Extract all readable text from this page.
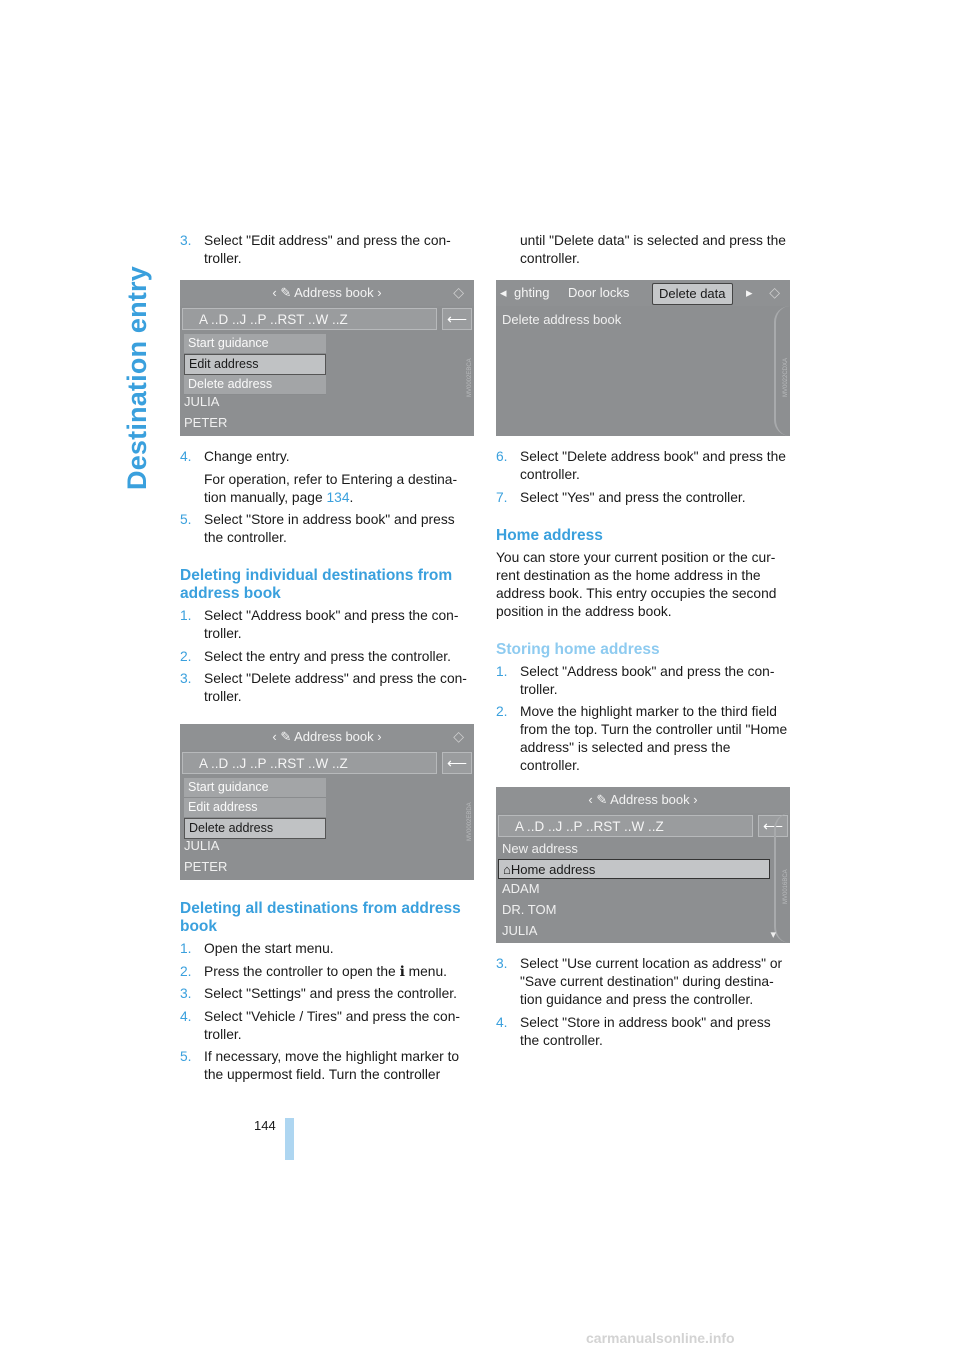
Destination entry
3. Select "Edit address" and press the con-troller.
‹ ✎ Address book ›	◇
A ..D ..J ..P ..RST ..W ..Z	⟵
Start guidance
Edit address
Delete address
JULIA
PETER
MV0002EBCA
4. Change entry.
For operation, refer to Entering a destina-tion manually, page 134.
5. Select "Store in address book" and press the controller.
Deleting individual destinations from address book
1. Select "Address book" and press the con-troller.
2. Select the entry and press the controller.
3. Select "Delete address" and press the con-troller.
‹ ✎ Address book ›	◇
A ..D ..J ..P ..RST ..W ..Z	⟵
Start guidance
Edit address
Delete address
JULIA
PETER
MV0002EBDA
Deleting all destinations from address book
1. Open the start menu.
2. Press the controller to open the ℹ menu.
3. Select "Settings" and press the controller.
4. Select "Vehicle / Tires" and press the con-troller.
5. If necessary, move the highlight marker to the uppermost field. Turn the controller
until "Delete data" is selected and press the controller.
◂ ghting Door locks	Delete data	▸ ◇
Delete address book
MV0022CDXA
6. Select "Delete address book" and press the controller.
7. Select "Yes" and press the controller.
Home address

You can store your current position or the cur-rent destination as the home address in the address book. This entry occupies the second position in the address book.

Storing home address
1. Select "Address book" and press the con-troller.
2. Move the highlight marker to the third field from the top. Turn the controller until "Home address" is selected and press the controller.
‹ ✎ Address book ›
A ..D ..J ..P ..RST ..W ..Z	⟵
New address
⌂Home address
ADAM
DR. TOM
JULIA	▾
MV0016BCA
3. Select "Use current location as address" or "Save current destination" during destina-tion guidance and press the controller.
4. Select "Store in address book" and press the controller.
144
carmanualsonline.info
